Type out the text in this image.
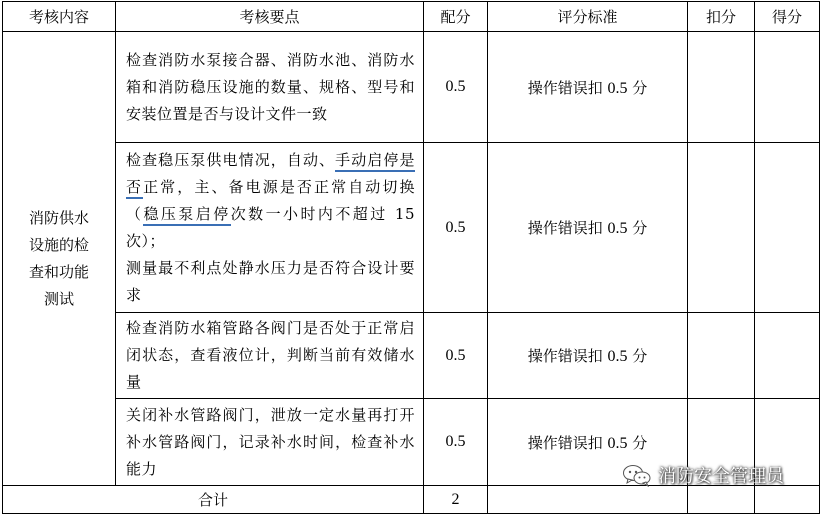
考核内容	考核要点	配分	评分标准	扣分	得分

消防供水
设施的检
查和功能
测试	检查消防水泵接合器、消防水池、消防水箱和消防稳压设施的数量、规格、型号和安装位置是否与设计文件一致	0.5	操作错误扣 0.5 分		
	检查稳压泵供电情况，自动、手动启停是否正常，主、备电源是否正常自动切换（稳压泵启停次数一小时内不超过 15 次）；
测量最不利点处静水压力是否符合设计要求	0.5	操作错误扣 0.5 分		
	检查消防水箱管路各阀门是否处于正常启闭状态，查看液位计，判断当前有效储水量	0.5	操作错误扣 0.5 分		
	关闭补水管路阀门，泄放一定水量再打开补水管路阀门，记录补水时间，检查补水能力	0.5	操作错误扣 0.5 分		
合计		2			
消防安全管理员
